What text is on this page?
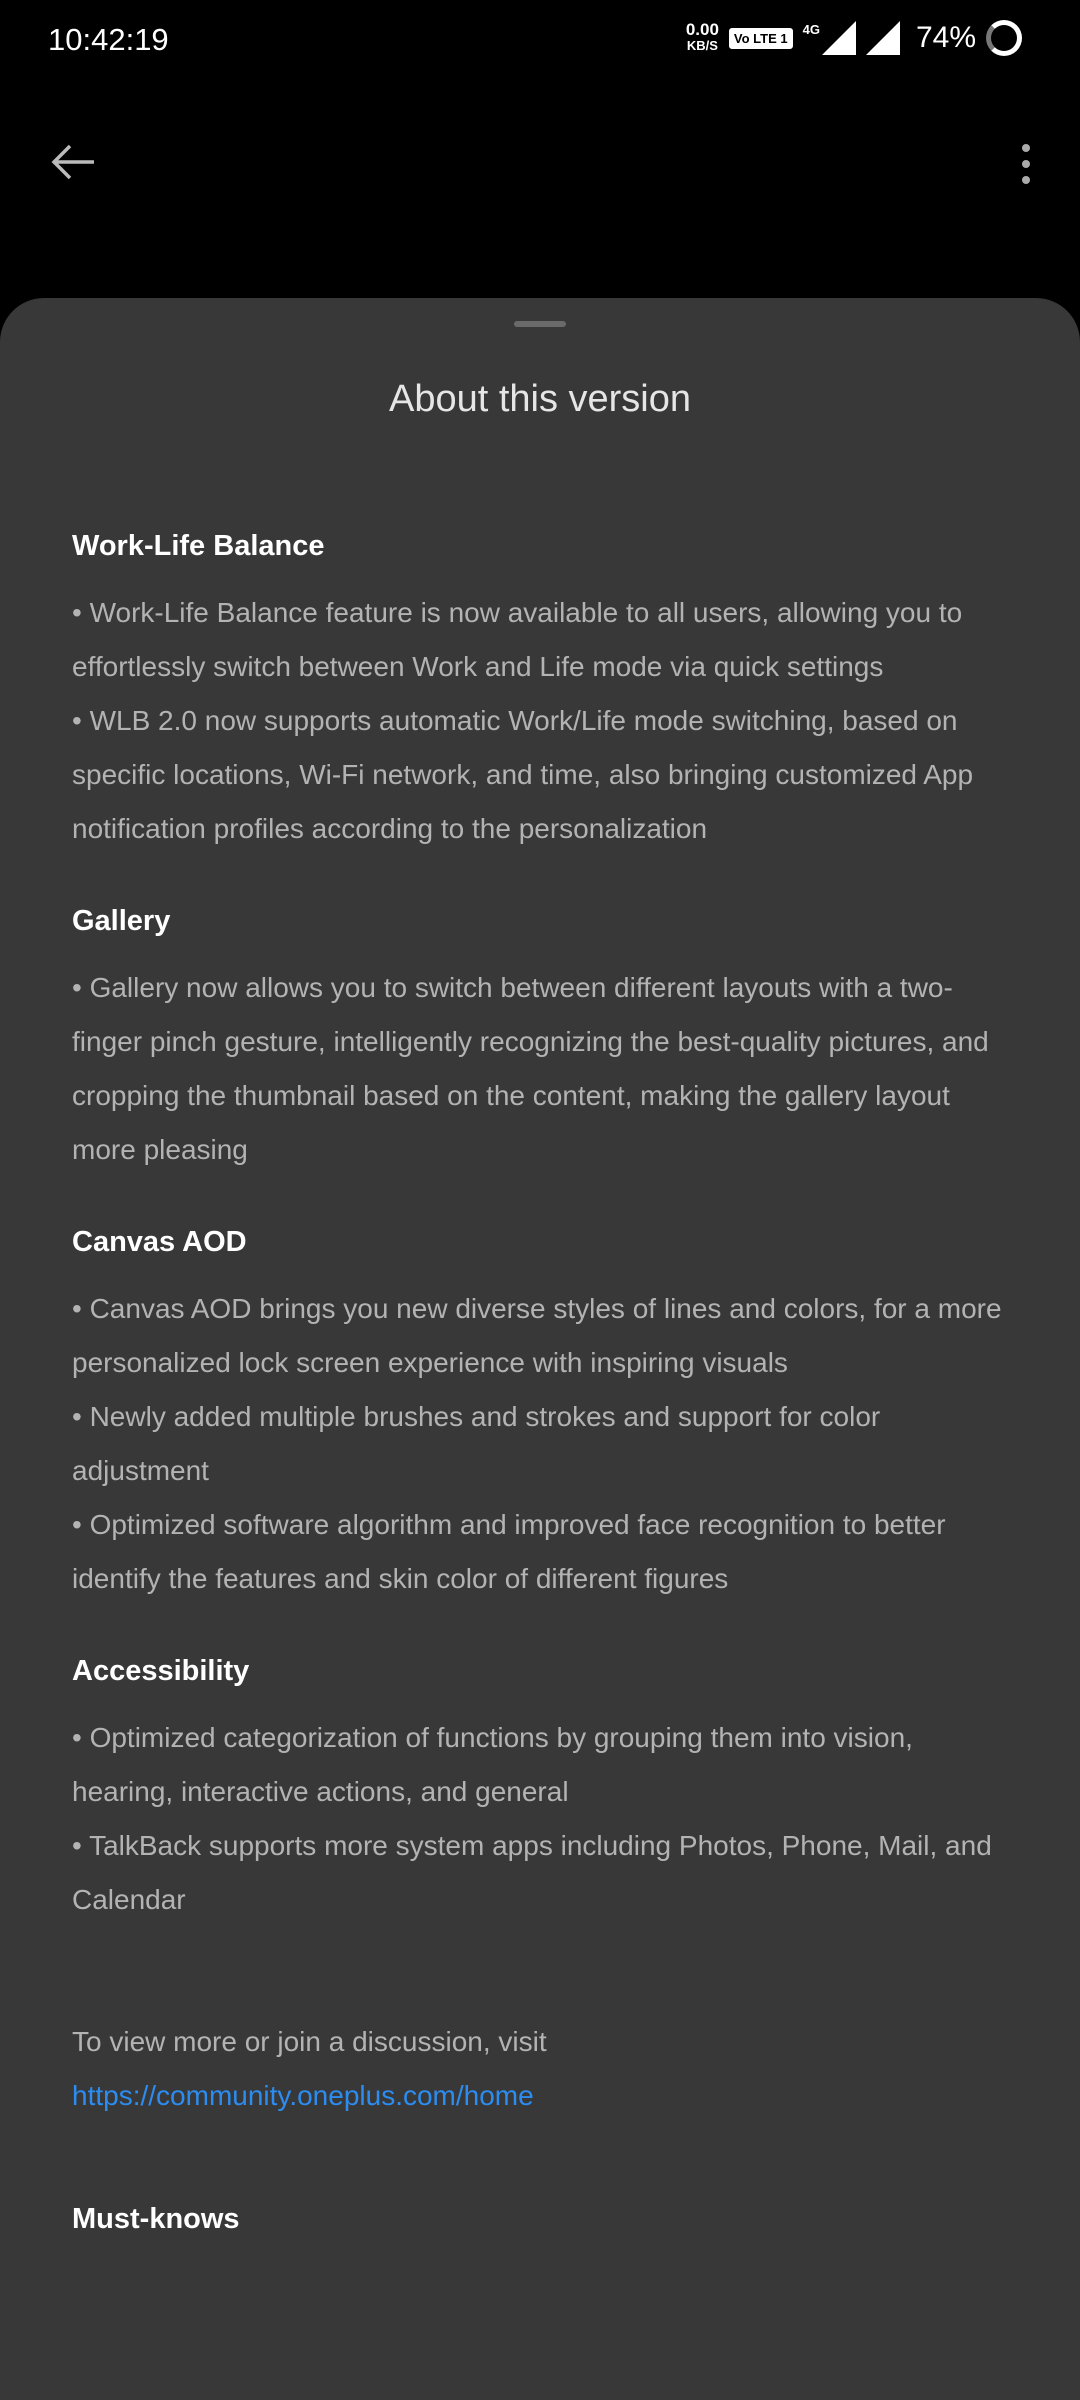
10:42:19	0.00
KB/S	Vo LTE 1
4G	74%
About this version
Work-Life Balance
• Work-Life Balance feature is now available to all users, allowing you to effortlessly switch between Work and Life mode via quick settings
• WLB 2.0 now supports automatic Work/Life mode switching, based on specific locations, Wi-Fi network, and time, also bringing customized App notification profiles according to the personalization
Gallery
• Gallery now allows you to switch between different layouts with a two-finger pinch gesture, intelligently recognizing the best-quality pictures, and cropping the thumbnail based on the content, making the gallery layout more pleasing
Canvas AOD
• Canvas AOD brings you new diverse styles of lines and colors, for a more personalized lock screen experience with inspiring visuals
• Newly added multiple brushes and strokes and support for color adjustment
• Optimized software algorithm and improved face recognition to better identify the features and skin color of different figures
Accessibility
• Optimized categorization of functions by grouping them into vision, hearing, interactive actions, and general
• TalkBack supports more system apps including Photos, Phone, Mail, and Calendar
To view more or join a discussion, visit
https://community.oneplus.com/home
Must-knows
